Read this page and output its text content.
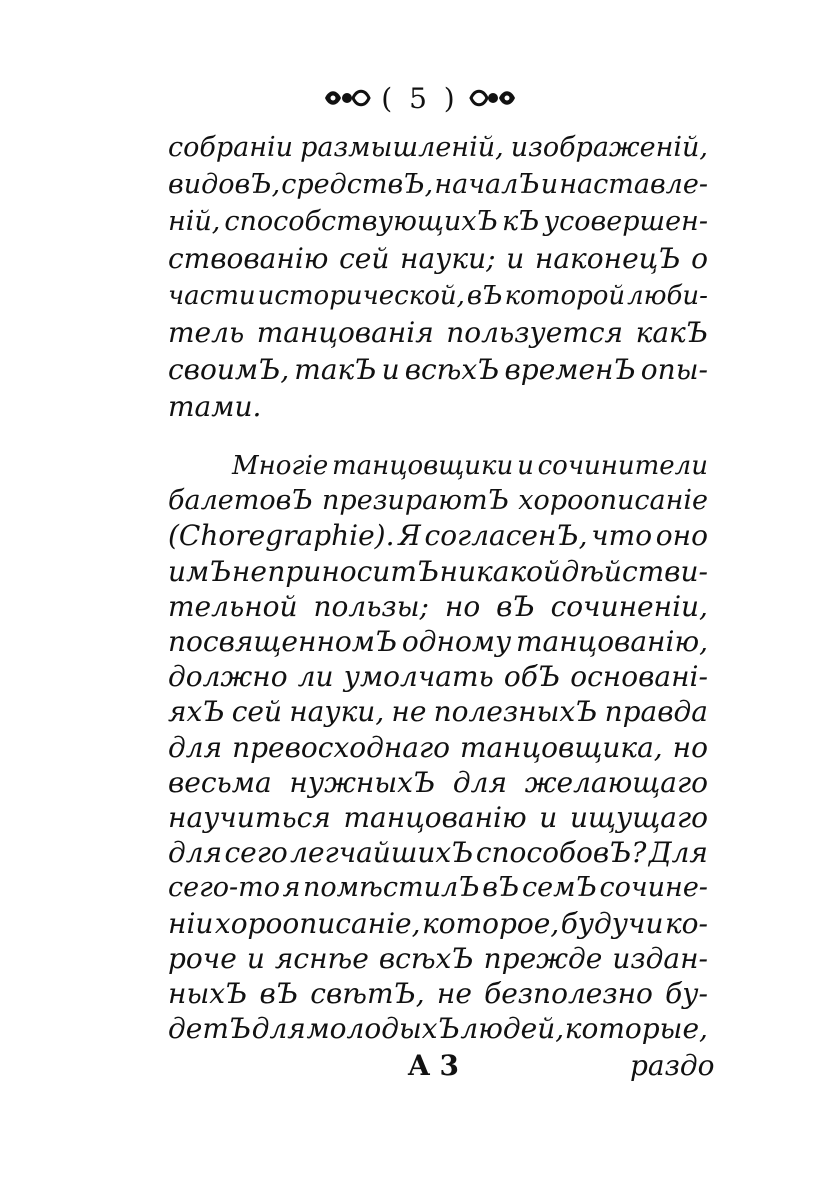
( 5 )
собранiи размышленiй, изображенiй,
видовЪ, средствЪ, началЪ и наставле-
нiй, способствующихЪ кЪ усовершен-
ствованiю сей науки; и наконецЪ о
части исторической, вЪ которой люби-
тель танцованiя пользуется какЪ
своимЪ, такЪ и всѣхЪ временЪ опы-
тами.
Многiе танцовщики и сочинители
балетовЪ презираютЪ хороописанiе
(Choregraphie). Я согласенЪ, что оно
имЪ не приноситЪ никакой дѣйстви-
тельной пользы; но вЪ сочиненiи,
посвященномЪ одному танцованiю,
должно ли умолчать обЪ основанi-
яхЪ сей науки, не полезныхЪ правда
для превосходнаго танцовщика, но
весьма нужныхЪ для желающаго
научиться танцованiю и ищущаго
для сего легчайшихЪ способовЪ? Для
сего-то я помѣстилЪ вЪ семЪ сочине-
нiи хороописанiе, которое, будучи ко-
роче и яснѣе всѣхЪ прежде издан-
ныхЪ вЪ свѣтЪ, не безполезно бу-
детЪ для молодыхЪ людей, которые,
A 3	раздо
